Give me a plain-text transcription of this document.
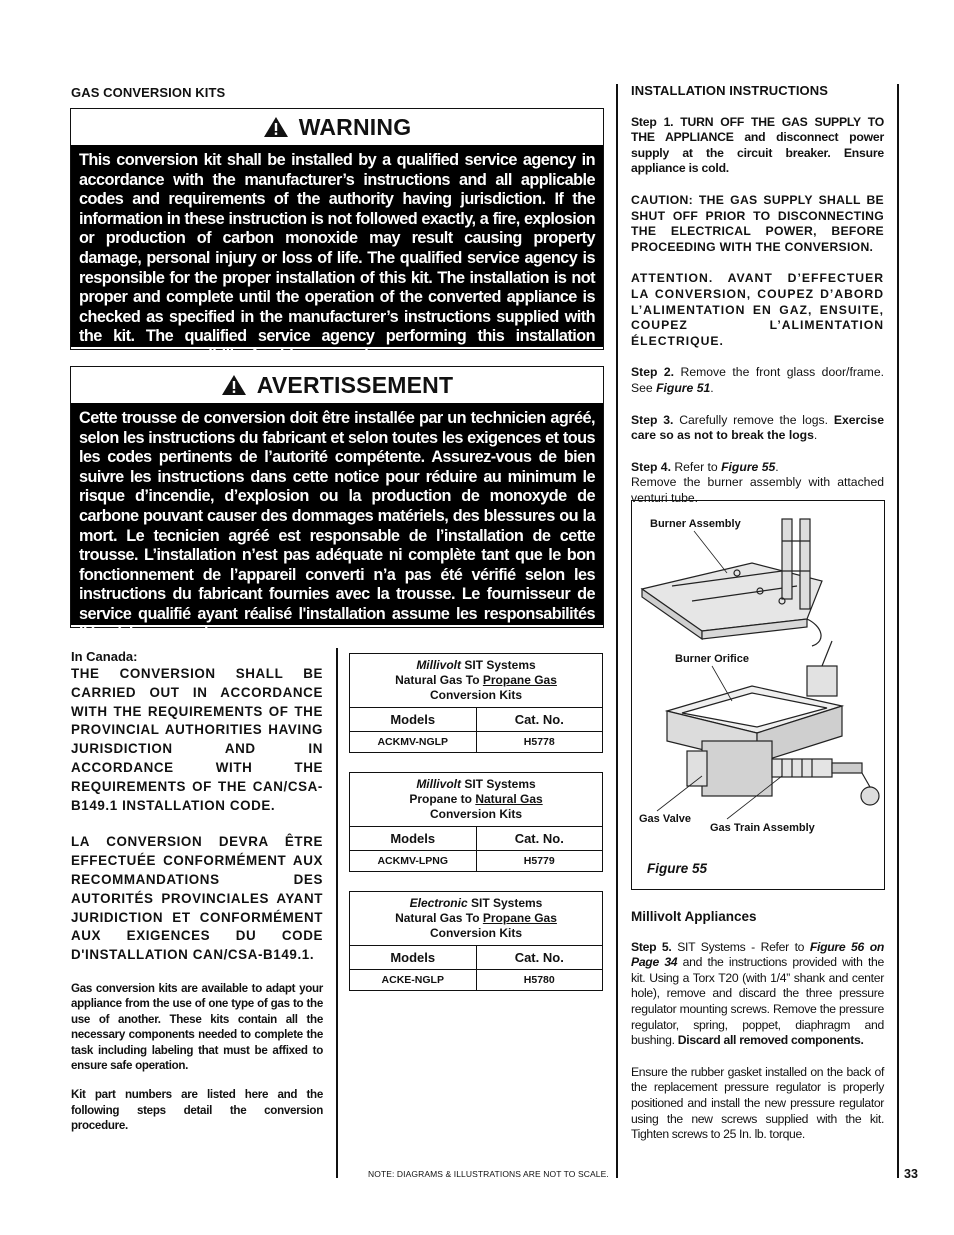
GAS CONVERSION KITS
WARNING
This conversion kit shall be installed by a qualified service agency in accordance with the manufacturer’s instructions and all applicable codes and requirements of the authority having jurisdiction. If the information in these instruction is not followed exactly, a fire, explosion or production of carbon monoxide may result causing property damage, personal injury or loss of life. The qualified service agency is responsible for the proper installation of this kit. The installation is not proper and complete until the operation of the converted appliance is checked as specified in the manufacturer’s instructions supplied with the kit. The qualified service agency performing this installation assumes responsibility for this conversion.
AVERTISSEMENT
Cette trousse de conversion doit être installée par un technicien agréé, selon les instructions du fabricant et selon toutes les exigences et tous les codes pertinents de l’autorité compétente. Assurez-vous de bien suivre les instructions dans cette notice pour réduire au minimum le risque d’incendie, d’explosion ou la production de monoxyde de carbone pouvant causer des dommages matériels, des blessures ou la mort. Le tecnicien agréé est responsable de l’installation de cette trousse. L’installation n’est pas adéquate ni complète tant que le bon fonctionnement de l’appareil converti n’a pas été vérifié selon les instructions du fabricant fournies avec la trousse. Le fournisseur de service qualifié ayant réalisé l'installation assume les responsabilités liées à la conversion.
In Canada:
THE CONVERSION SHALL BE CARRIED OUT IN ACCORDANCE WITH THE REQUIREMENTS OF THE PROVINCIAL AUTHORITIES HAVING JURISDICTION AND IN ACCORDANCE WITH THE REQUIREMENTS OF THE CAN/CSA-B149.1 INSTALLATION CODE.
LA CONVERSION DEVRA ÊTRE EFFECTUÉE CONFORMÉMENT AUX RECOMMANDATIONS DES AUTORITÉS PROVINCIALES AYANT JURIDICTION ET CONFORMÉMENT AUX EXIGENCES DU CODE D'INSTALLATION CAN/CSA-B149.1.
Gas conversion kits are available to adapt your appliance from the use of one type of gas to the use of another. These kits contain all the necessary components needed to complete the task including labeling that must be affixed to ensure safe operation.
Kit part numbers are listed here and the following steps detail the conversion procedure.
Millivolt SIT Systems
Natural Gas To Propane Gas
Conversion Kits
Models	Cat. No.
ACKMV-NGLP	H5778
Millivolt SIT Systems
Propane to Natural Gas
Conversion Kits
Models	Cat. No.
ACKMV-LPNG	H5779
Electronic SIT Systems
Natural Gas To Propane Gas
Conversion Kits
Models	Cat. No.
ACKE-NGLP	H5780
NOTE: DIAGRAMS & ILLUSTRATIONS ARE NOT TO SCALE.

INSTALLATION INSTRUCTIONS

Step 1. TURN OFF THE GAS SUPPLY TO THE APPLIANCE and disconnect power supply at the circuit breaker. Ensure appliance is cold.

CAUTION: THE GAS SUPPLY SHALL BE SHUT OFF PRIOR TO DISCONNECTING THE ELECTRICAL POWER, BEFORE PROCEEDING WITH THE CONVERSION.

ATTENTION. AVANT D’EFFECTUER LA CONVERSION, COUPEZ D’ABORD L’ALIMENTATION EN GAZ, ENSUITE, COUPEZ L’ALIMENTATION ÉLECTRIQUE.

Step 2. Remove the front glass door/frame. See Figure 51.

Step 3. Carefully remove the logs. Exercise care so as not to break the logs.

Step 4. Refer to Figure 55.

Remove the burner assembly with attached venturi tube.

Burner Assembly
Burner Orifice
Gas Valve
Gas Train Assembly
Figure 55

Millivolt Appliances

Step 5. SIT Systems - Refer to Figure 56 on Page 34 and the instructions provided with the kit. Using a Torx T20 (with 1/4” shank and center hole), remove and discard the three pressure regulator mounting screws. Remove the pressure regulator, spring, poppet, diaphragm and bushing. Discard all removed components.

Ensure the rubber gasket installed on the back of the replacement pressure regulator is properly positioned and install the new pressure regulator using the new screws supplied with the kit. Tighten screws to 25 In. lb. torque.

33
